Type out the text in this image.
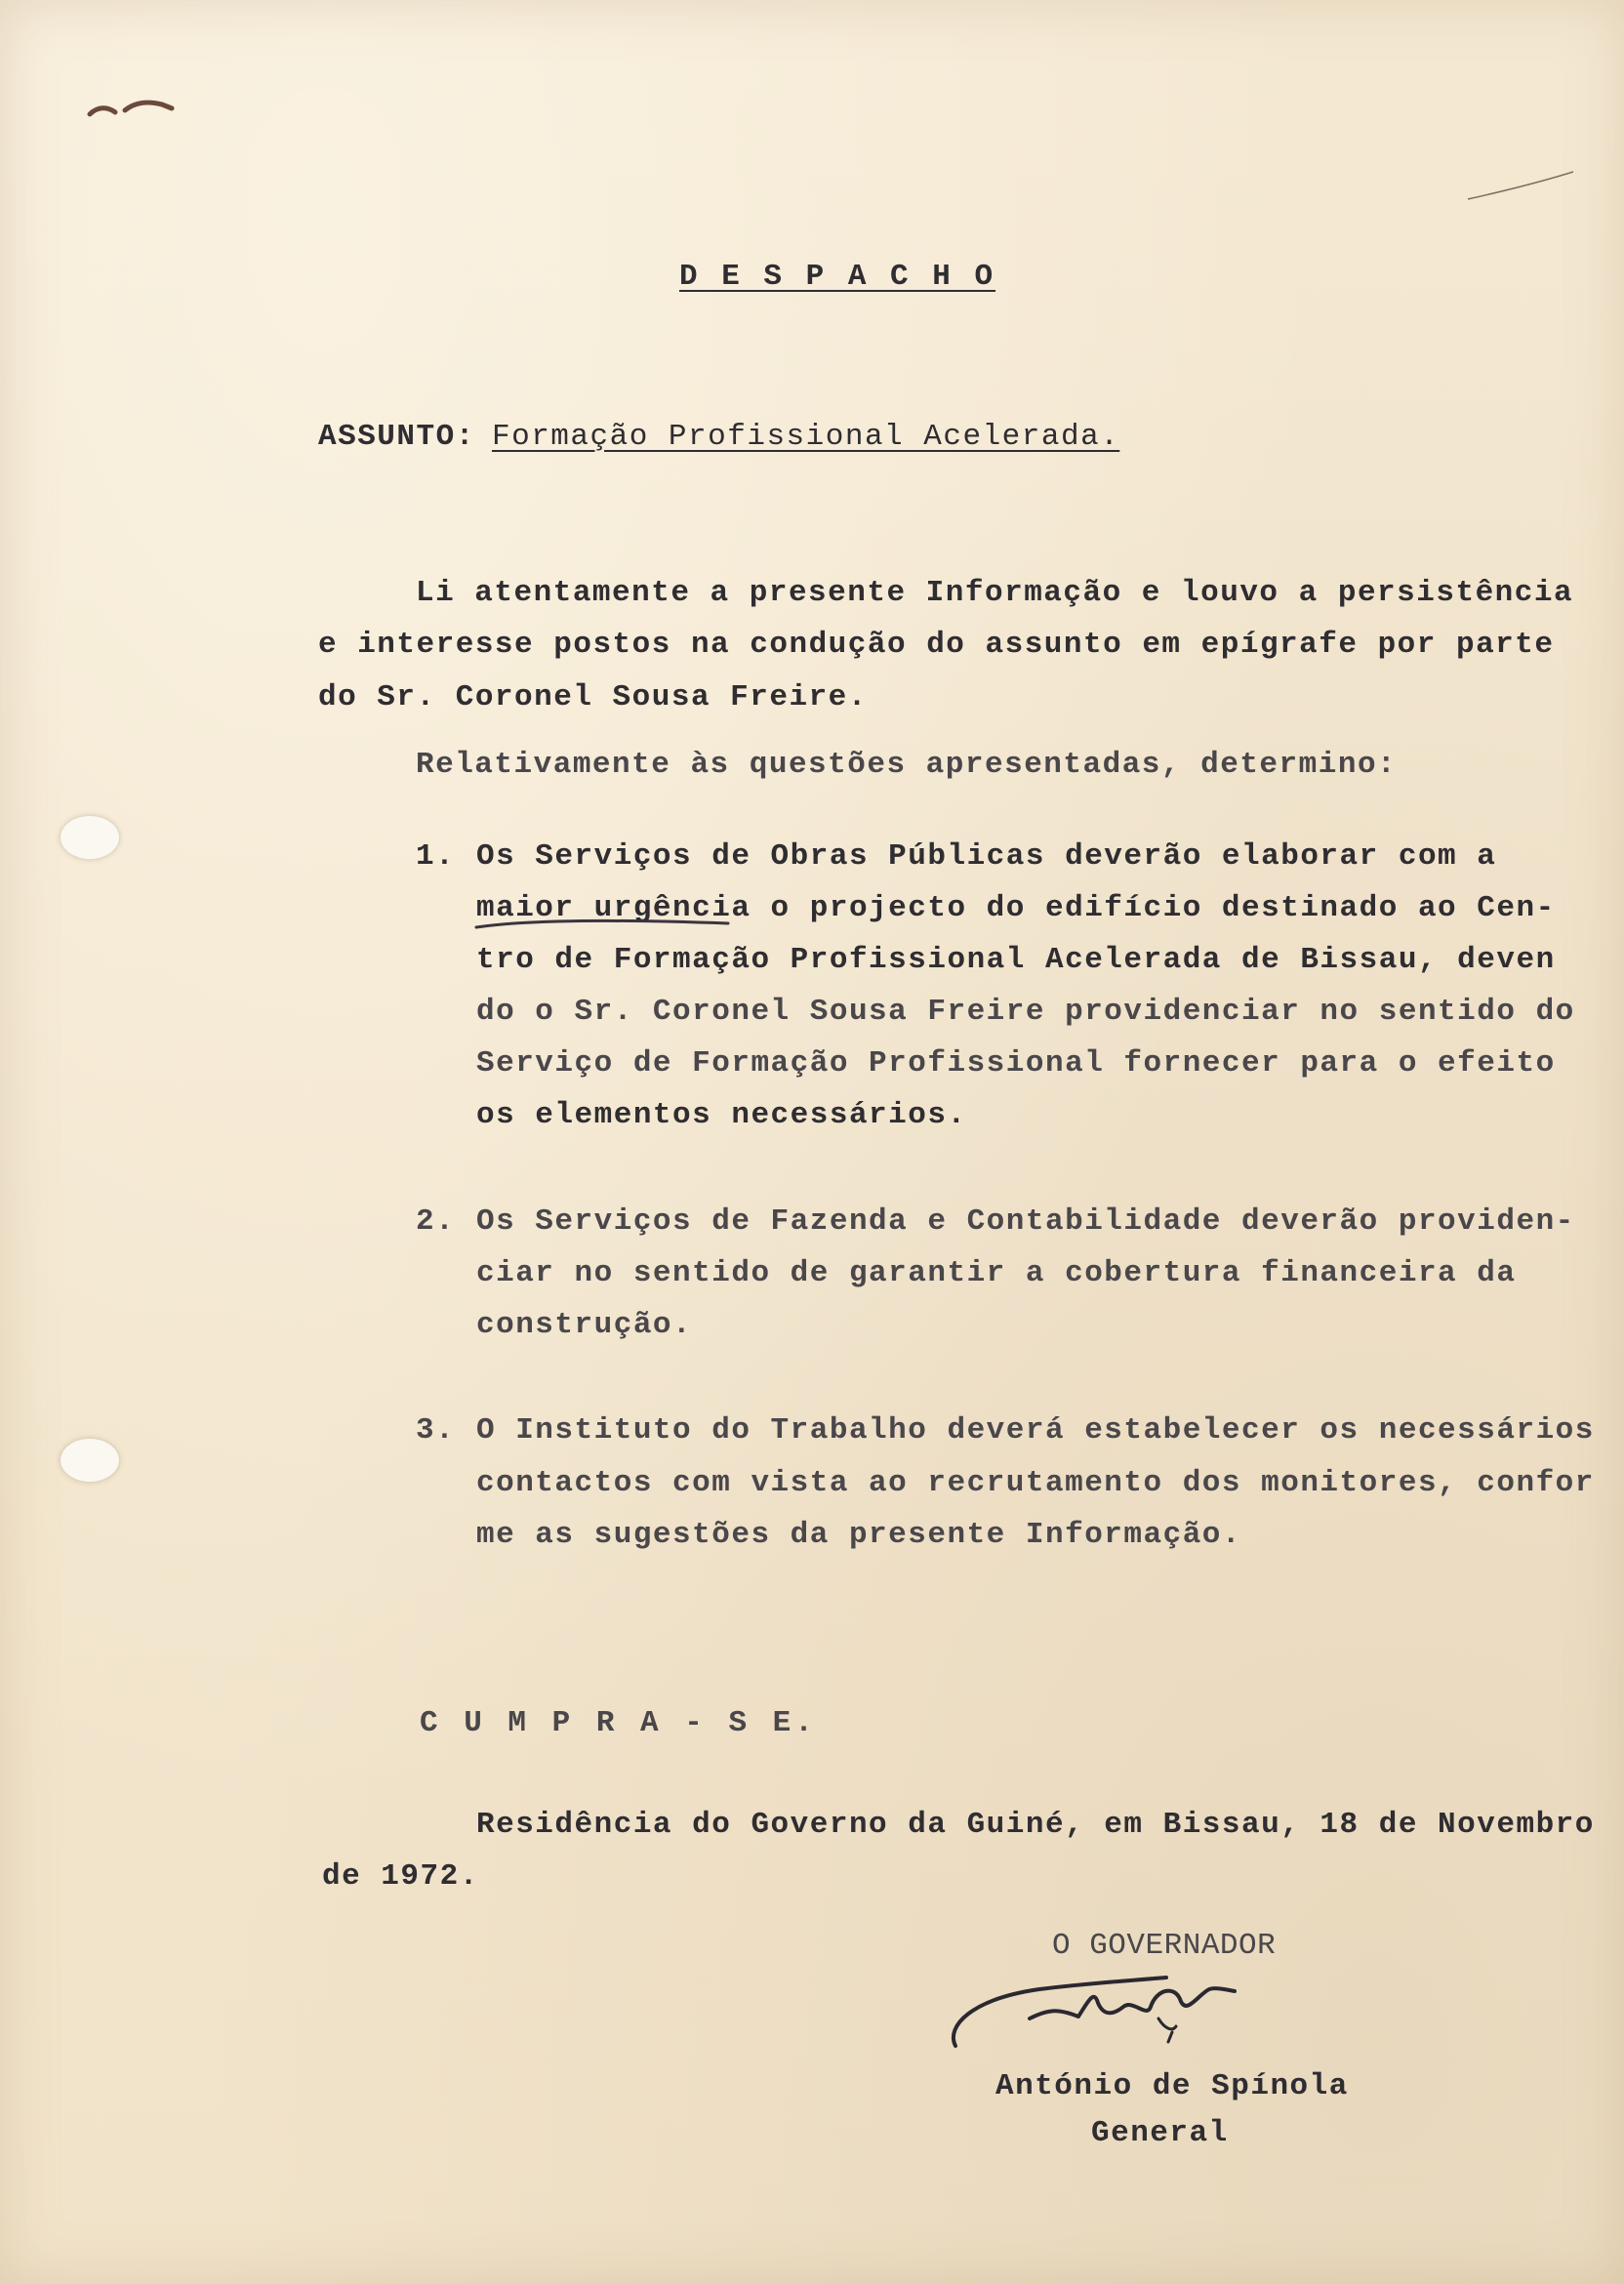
D E S P A C H O
ASSUNTO: Formação Profissional Acelerada.
Li atentamente a presente Informação e louvo a persistência
e interesse postos na condução do assunto em epígrafe por parte
do Sr. Coronel Sousa Freire.
Relativamente às questões apresentadas, determino:
1. Os Serviços de Obras Públicas deverão elaborar com a
maior urgência o projecto do edifício destinado ao Cen-
tro de Formação Profissional Acelerada de Bissau, deven
do o Sr. Coronel Sousa Freire providenciar no sentido do
Serviço de Formação Profissional fornecer para o efeito
os elementos necessários.
2. Os Serviços de Fazenda e Contabilidade deverão providen-
ciar no sentido de garantir a cobertura financeira da
construção.
3. O Instituto do Trabalho deverá estabelecer os necessários
contactos com vista ao recrutamento dos monitores, confor
me as sugestões da presente Informação.
C U M P R A - S E.
Residência do Governo da Guiné, em Bissau, 18 de Novembro
de 1972.
O GOVERNADOR
António de Spínola
General
